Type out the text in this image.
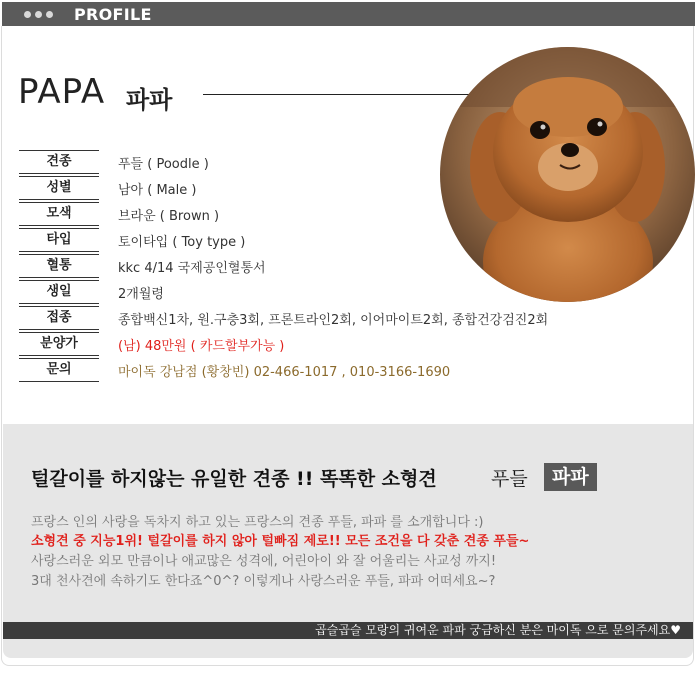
PROFILE
PAPA 파파
견종	푸들 ( Poodle )
성별	남아 ( Male )
모색	브라운 ( Brown )
타입	토이타입 ( Toy type )
혈통	kkc 4/14 국제공인혈통서
생일	2개월령
접종	종합백신1차, 원.구충3회, 프론트라인2회, 이어마이트2회, 종합건강검진2회
분양가	(남) 48만원 ( 카드할부가능 )
문의	마이독 강남점 (황창빈) 02-466-1017 , 010-3166-1690
털갈이를 하지않는 유일한 견종 !! 똑똑한 소형견	푸들	파파
프랑스 인의 사랑을 독차지 하고 있는 프랑스의 견종 푸들, 파파 를 소개합니다 :)
소형견 중 지능1위! 털갈이를 하지 않아 털빠짐 제로!! 모든 조건을 다 갖춘 견종 푸들~
사랑스러운 외모 만큼이나 애교많은 성격에, 어린아이 와 잘 어울리는 사교성 까지!
3대 천사견에 속하기도 한다죠^0^? 이렇게나 사랑스러운 푸들, 파파 어떠세요~?
곱슬곱슬 모랑의 귀여운 파파 궁금하신 분은 마이독 으로 문의주세요♥
